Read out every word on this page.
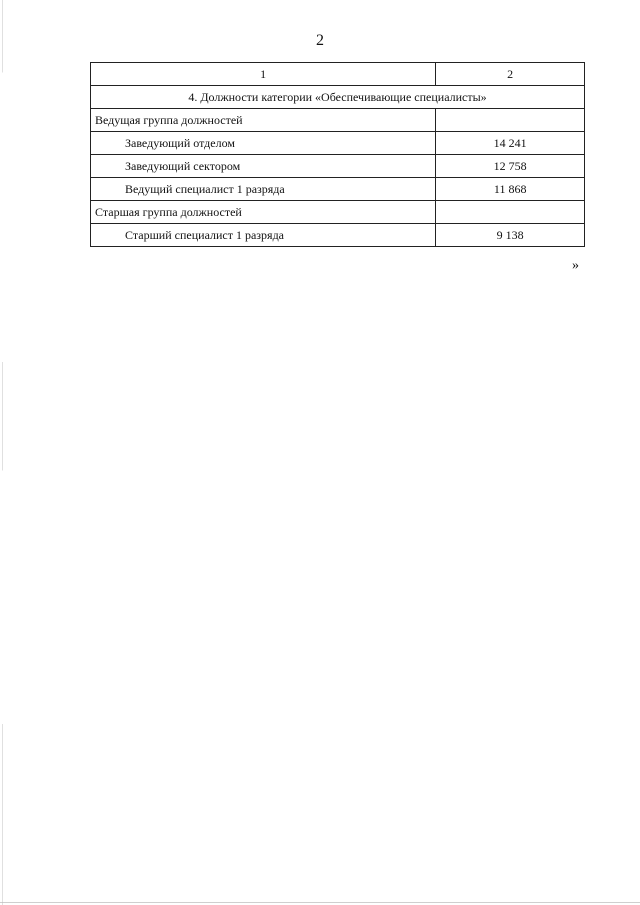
2
1	2
4. Должности категории «Обеспечивающие специалисты»	
Ведущая группа должностей	
Заведующий отделом	14 241
Заведующий сектором	12 758
Ведущий специалист 1 разряда	11 868
Старшая группа должностей	
Старший специалист 1 разряда	9 138
»
